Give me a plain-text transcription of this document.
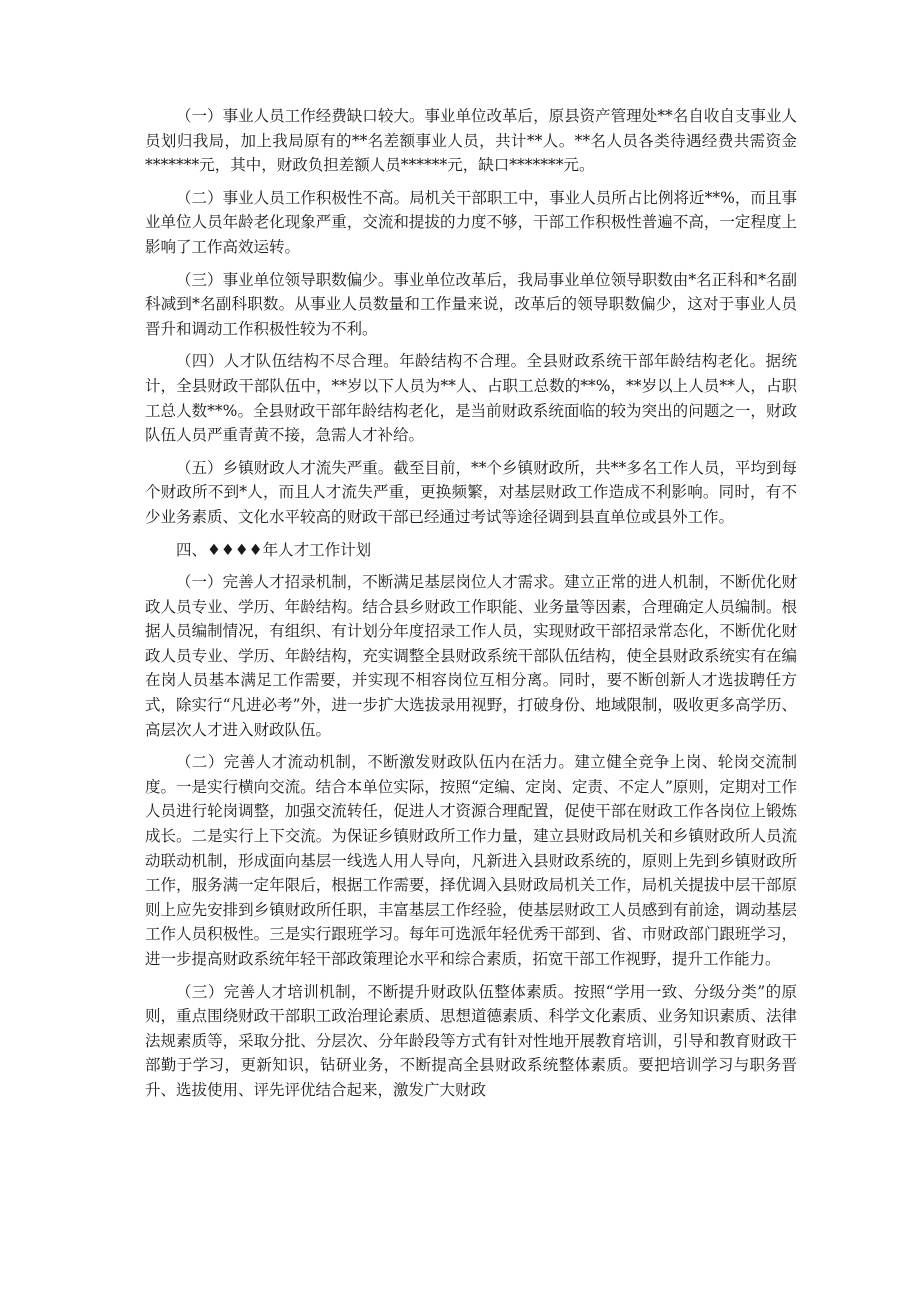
（一）事业人员工作经费缺口较大。事业单位改革后，原县资产管理处**名自收自支事业人员划归我局，加上我局原有的**名差额事业人员，共计**人。**名人员各类待遇经费共需资金*******元，其中，财政负担差额人员******元，缺口*******元。

（二）事业人员工作积极性不高。局机关干部职工中，事业人员所占比例将近**%，而且事业单位人员年龄老化现象严重，交流和提拔的力度不够，干部工作积极性普遍不高，一定程度上影响了工作高效运转。

（三）事业单位领导职数偏少。事业单位改革后，我局事业单位领导职数由*名正科和*名副科减到*名副科职数。从事业人员数量和工作量来说，改革后的领导职数偏少，这对于事业人员晋升和调动工作积极性较为不利。

（四）人才队伍结构不尽合理。年龄结构不合理。全县财政系统干部年龄结构老化。据统计，全县财政干部队伍中，**岁以下人员为**人、占职工总数的**%，**岁以上人员**人，占职工总人数**%。全县财政干部年龄结构老化，是当前财政系统面临的较为突出的问题之一，财政队伍人员严重青黄不接，急需人才补给。

（五）乡镇财政人才流失严重。截至目前，**个乡镇财政所，共**多名工作人员，平均到每个财政所不到*人，而且人才流失严重，更换频繁，对基层财政工作造成不利影响。同时，有不少业务素质、文化水平较高的财政干部已经通过考试等途径调到县直单位或县外工作。

四、♦♦♦♦年人才工作计划

（一）完善人才招录机制，不断满足基层岗位人才需求。建立正常的进人机制，不断优化财政人员专业、学历、年龄结构。结合县乡财政工作职能、业务量等因素，合理确定人员编制。根据人员编制情况，有组织、有计划分年度招录工作人员，实现财政干部招录常态化，不断优化财政人员专业、学历、年龄结构，充实调整全县财政系统干部队伍结构，使全县财政系统实有在编在岗人员基本满足工作需要，并实现不相容岗位互相分离。同时，要不断创新人才选拔聘任方式，除实行“凡进必考”外，进一步扩大选拔录用视野，打破身份、地域限制，吸收更多高学历、高层次人才进入财政队伍。

（二）完善人才流动机制，不断激发财政队伍内在活力。建立健全竞争上岗、轮岗交流制度。一是实行横向交流。结合本单位实际，按照“定编、定岗、定责、不定人”原则，定期对工作人员进行轮岗调整，加强交流转任，促进人才资源合理配置，促使干部在财政工作各岗位上锻炼成长。二是实行上下交流。为保证乡镇财政所工作力量，建立县财政局机关和乡镇财政所人员流动联动机制，形成面向基层一线选人用人导向，凡新进入县财政系统的，原则上先到乡镇财政所工作，服务满一定年限后，根据工作需要，择优调入县财政局机关工作，局机关提拔中层干部原则上应先安排到乡镇财政所任职，丰富基层工作经验，使基层财政工人员感到有前途，调动基层工作人员积极性。三是实行跟班学习。每年可选派年轻优秀干部到、省、市财政部门跟班学习，进一步提高财政系统年轻干部政策理论水平和综合素质，拓宽干部工作视野，提升工作能力。

（三）完善人才培训机制，不断提升财政队伍整体素质。按照“学用一致、分级分类”的原则，重点围绕财政干部职工政治理论素质、思想道德素质、科学文化素质、业务知识素质、法律法规素质等，采取分批、分层次、分年龄段等方式有针对性地开展教育培训，引导和教育财政干部勤于学习，更新知识，钻研业务，不断提高全县财政系统整体素质。要把培训学习与职务晋升、选拔使用、评先评优结合起来，激发广大财政
